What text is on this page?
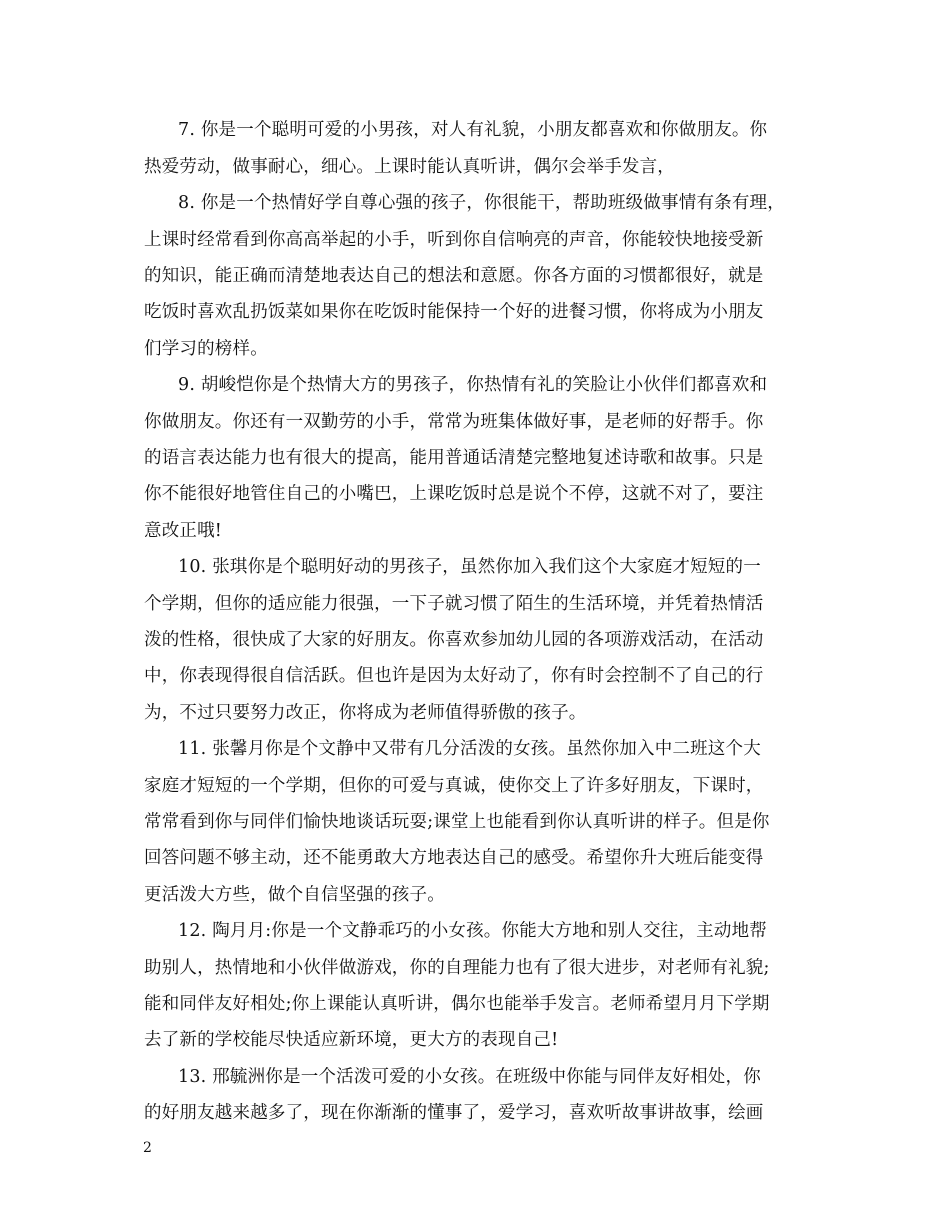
7. 你是一个聪明可爱的小男孩，对人有礼貌，小朋友都喜欢和你做朋友。你
热爱劳动，做事耐心，细心。上课时能认真听讲，偶尔会举手发言，
8. 你是一个热情好学自尊心强的孩子，你很能干，帮助班级做事情有条有理，
上课时经常看到你高高举起的小手，听到你自信响亮的声音，你能较快地接受新
的知识，能正确而清楚地表达自己的想法和意愿。你各方面的习惯都很好，就是
吃饭时喜欢乱扔饭菜如果你在吃饭时能保持一个好的进餐习惯，你将成为小朋友
们学习的榜样。
9. 胡峻恺你是个热情大方的男孩子，你热情有礼的笑脸让小伙伴们都喜欢和
你做朋友。你还有一双勤劳的小手，常常为班集体做好事，是老师的好帮手。你
的语言表达能力也有很大的提高，能用普通话清楚完整地复述诗歌和故事。只是
你不能很好地管住自己的小嘴巴，上课吃饭时总是说个不停，这就不对了，要注
意改正哦!
10. 张琪你是个聪明好动的男孩子，虽然你加入我们这个大家庭才短短的一
个学期，但你的适应能力很强，一下子就习惯了陌生的生活环境，并凭着热情活
泼的性格，很快成了大家的好朋友。你喜欢参加幼儿园的各项游戏活动，在活动
中，你表现得很自信活跃。但也许是因为太好动了，你有时会控制不了自己的行
为，不过只要努力改正，你将成为老师值得骄傲的孩子。
11. 张馨月你是个文静中又带有几分活泼的女孩。虽然你加入中二班这个大
家庭才短短的一个学期，但你的可爱与真诚，使你交上了许多好朋友，下课时，
常常看到你与同伴们愉快地谈话玩耍;课堂上也能看到你认真听讲的样子。但是你
回答问题不够主动，还不能勇敢大方地表达自己的感受。希望你升大班后能变得
更活泼大方些，做个自信坚强的孩子。
12. 陶月月:你是一个文静乖巧的小女孩。你能大方地和别人交往，主动地帮
助别人，热情地和小伙伴做游戏，你的自理能力也有了很大进步，对老师有礼貌;
能和同伴友好相处;你上课能认真听讲，偶尔也能举手发言。老师希望月月下学期
去了新的学校能尽快适应新环境，更大方的表现自己!
13. 邢毓洲你是一个活泼可爱的小女孩。在班级中你能与同伴友好相处，你
的好朋友越来越多了，现在你渐渐的懂事了，爱学习，喜欢听故事讲故事，绘画
2
